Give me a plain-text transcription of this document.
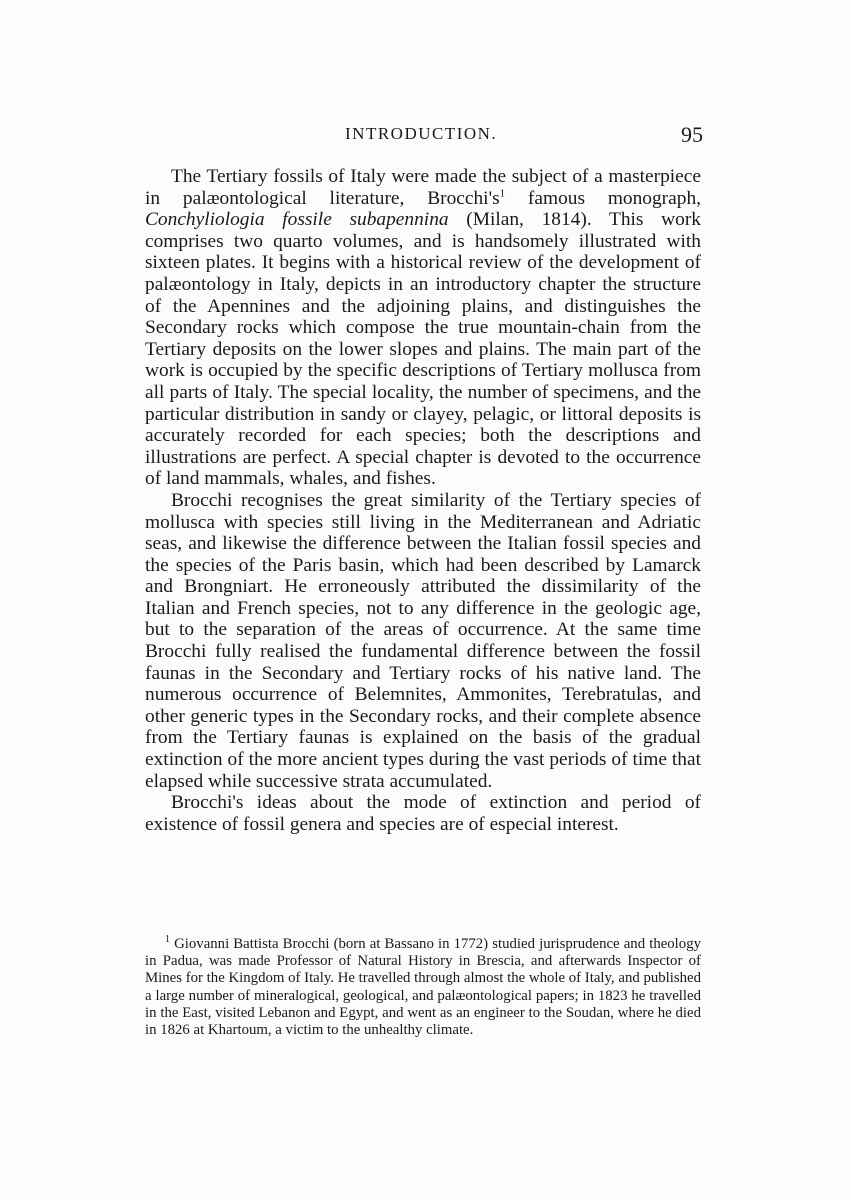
INTRODUCTION.	95

The Tertiary fossils of Italy were made the subject of a masterpiece in palæontological literature, $Brocchi's^1$ famous monograph, Conchyliologia fossile subapennina (Milan, 1814). This work comprises two quarto volumes, and is handsomely illustrated with sixteen plates. It begins with a historical review of the development of palæontology in Italy, depicts in an introductory chapter the structure of the Apennines and the adjoining plains, and distinguishes the Secondary rocks which compose the true mountain-chain from the Tertiary deposits on the lower slopes and plains. The main part of the work is occupied by the specific descriptions of Tertiary mollusca from all parts of Italy. The special locality, the number of specimens, and the particular distribution in sandy or clayey, pelagic, or littoral deposits is accurately recorded for each species; both the descriptions and illustrations are perfect. A special chapter is devoted to the occurrence of land mammals, whales, and fishes.

Brocchi recognises the great similarity of the Tertiary species of mollusca with species still living in the Mediterranean and Adriatic seas, and likewise the difference between the Italian fossil species and the species of the Paris basin, which had been described by Lamarck and Brongniart. He erroneously attributed the dissimilarity of the Italian and French species, not to any difference in the geologic age, but to the separation of the areas of occurrence. At the same time Brocchi fully realised the fundamental difference between the fossil faunas in the Secondary and Tertiary rocks of his native land. The numerous occurrence of Belemnites, Ammonites, Terebratulas, and other generic types in the Secondary rocks, and their complete absence from the Tertiary faunas is explained on the basis of the gradual extinction of the more ancient types during the vast periods of time that elapsed while successive strata accumulated.

Brocchi's ideas about the mode of extinction and period of existence of fossil genera and species are of especial interest.

$^1$ Giovanni Battista Brocchi (born at Bassano in 1772) studied jurisprudence and theology in Padua, was made Professor of Natural History in Brescia, and afterwards Inspector of Mines for the Kingdom of Italy. He travelled through almost the whole of Italy, and published a large number of mineralogical, geological, and palæontological papers; in 1823 he travelled in the East, visited Lebanon and Egypt, and went as an engineer to the Soudan, where he died in 1826 at Khartoum, a victim to the unhealthy climate.
